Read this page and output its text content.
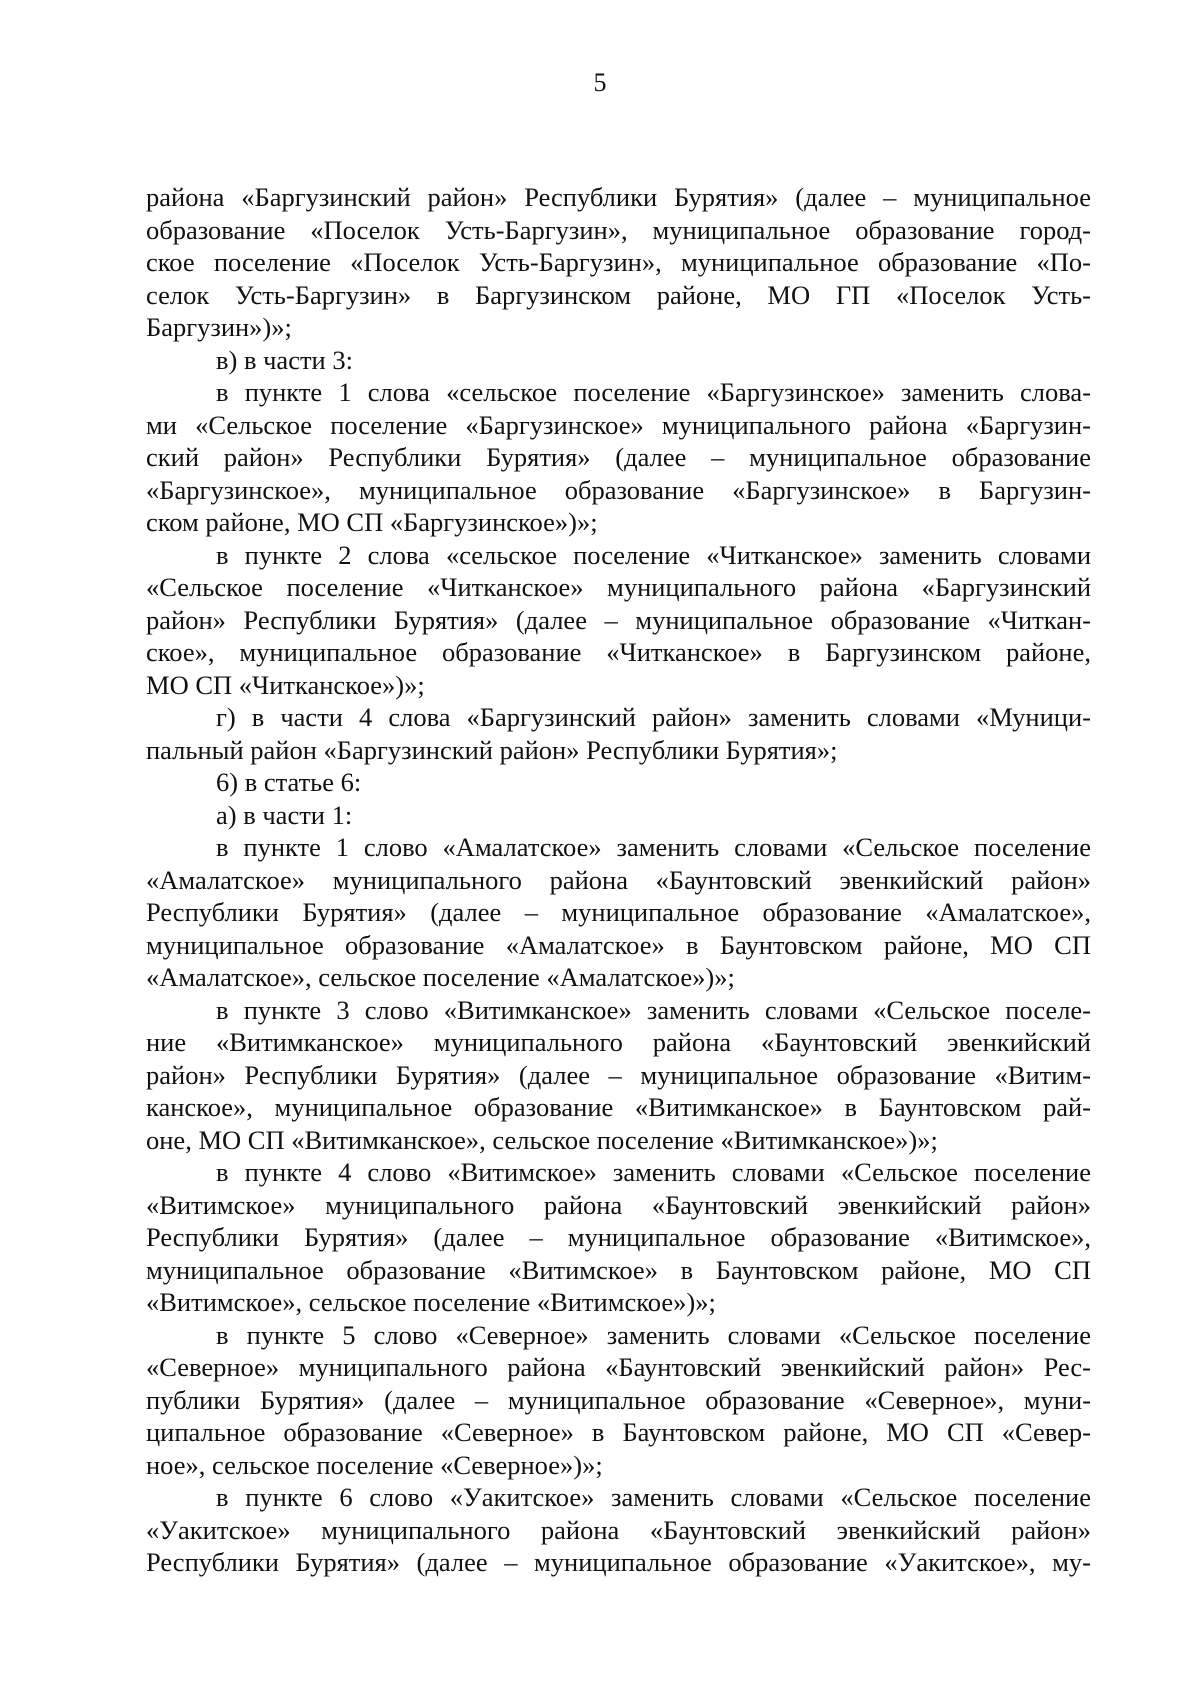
5
района «Баргузинский район» Республики Бурятия» (далее – муниципальное
образование «Поселок Усть-Баргузин», муниципальное образование город-
ское поселение «Поселок Усть-Баргузин», муниципальное образование «По-
селок Усть-Баргузин» в Баргузинском районе, МО ГП «Поселок Усть-
Баргузин»)»;
в) в части 3:
в пункте 1 слова «сельское поселение «Баргузинское» заменить слова-
ми «Сельское поселение «Баргузинское» муниципального района «Баргузин-
ский район» Республики Бурятия» (далее – муниципальное образование
«Баргузинское», муниципальное образование «Баргузинское» в Баргузин-
ском районе, МО СП «Баргузинское»)»;
в пункте 2 слова «сельское поселение «Читканское» заменить словами
«Сельское поселение «Читканское» муниципального района «Баргузинский
район» Республики Бурятия» (далее – муниципальное образование «Читкан-
ское», муниципальное образование «Читканское» в Баргузинском районе,
МО СП «Читканское»)»;
г) в части 4 слова «Баргузинский район» заменить словами «Муници-
пальный район «Баргузинский район» Республики Бурятия»;
6) в статье 6:
а) в части 1:
в пункте 1 слово «Амалатское» заменить словами «Сельское поселение
«Амалатское» муниципального района «Баунтовский эвенкийский район»
Республики Бурятия» (далее – муниципальное образование «Амалатское»,
муниципальное образование «Амалатское» в Баунтовском районе, МО СП
«Амалатское», сельское поселение «Амалатское»)»;
в пункте 3 слово «Витимканское» заменить словами «Сельское поселе-
ние «Витимканское» муниципального района «Баунтовский эвенкийский
район» Республики Бурятия» (далее – муниципальное образование «Витим-
канское», муниципальное образование «Витимканское» в Баунтовском рай-
оне, МО СП «Витимканское», сельское поселение «Витимканское»)»;
в пункте 4 слово «Витимское» заменить словами «Сельское поселение
«Витимское» муниципального района «Баунтовский эвенкийский район»
Республики Бурятия» (далее – муниципальное образование «Витимское»,
муниципальное образование «Витимское» в Баунтовском районе, МО СП
«Витимское», сельское поселение «Витимское»)»;
в пункте 5 слово «Северное» заменить словами «Сельское поселение
«Северное» муниципального района «Баунтовский эвенкийский район» Рес-
публики Бурятия» (далее – муниципальное образование «Северное», муни-
ципальное образование «Северное» в Баунтовском районе, МО СП «Север-
ное», сельское поселение «Северное»)»;
в пункте 6 слово «Уакитское» заменить словами «Сельское поселение
«Уакитское» муниципального района «Баунтовский эвенкийский район»
Республики Бурятия» (далее – муниципальное образование «Уакитское», му-
